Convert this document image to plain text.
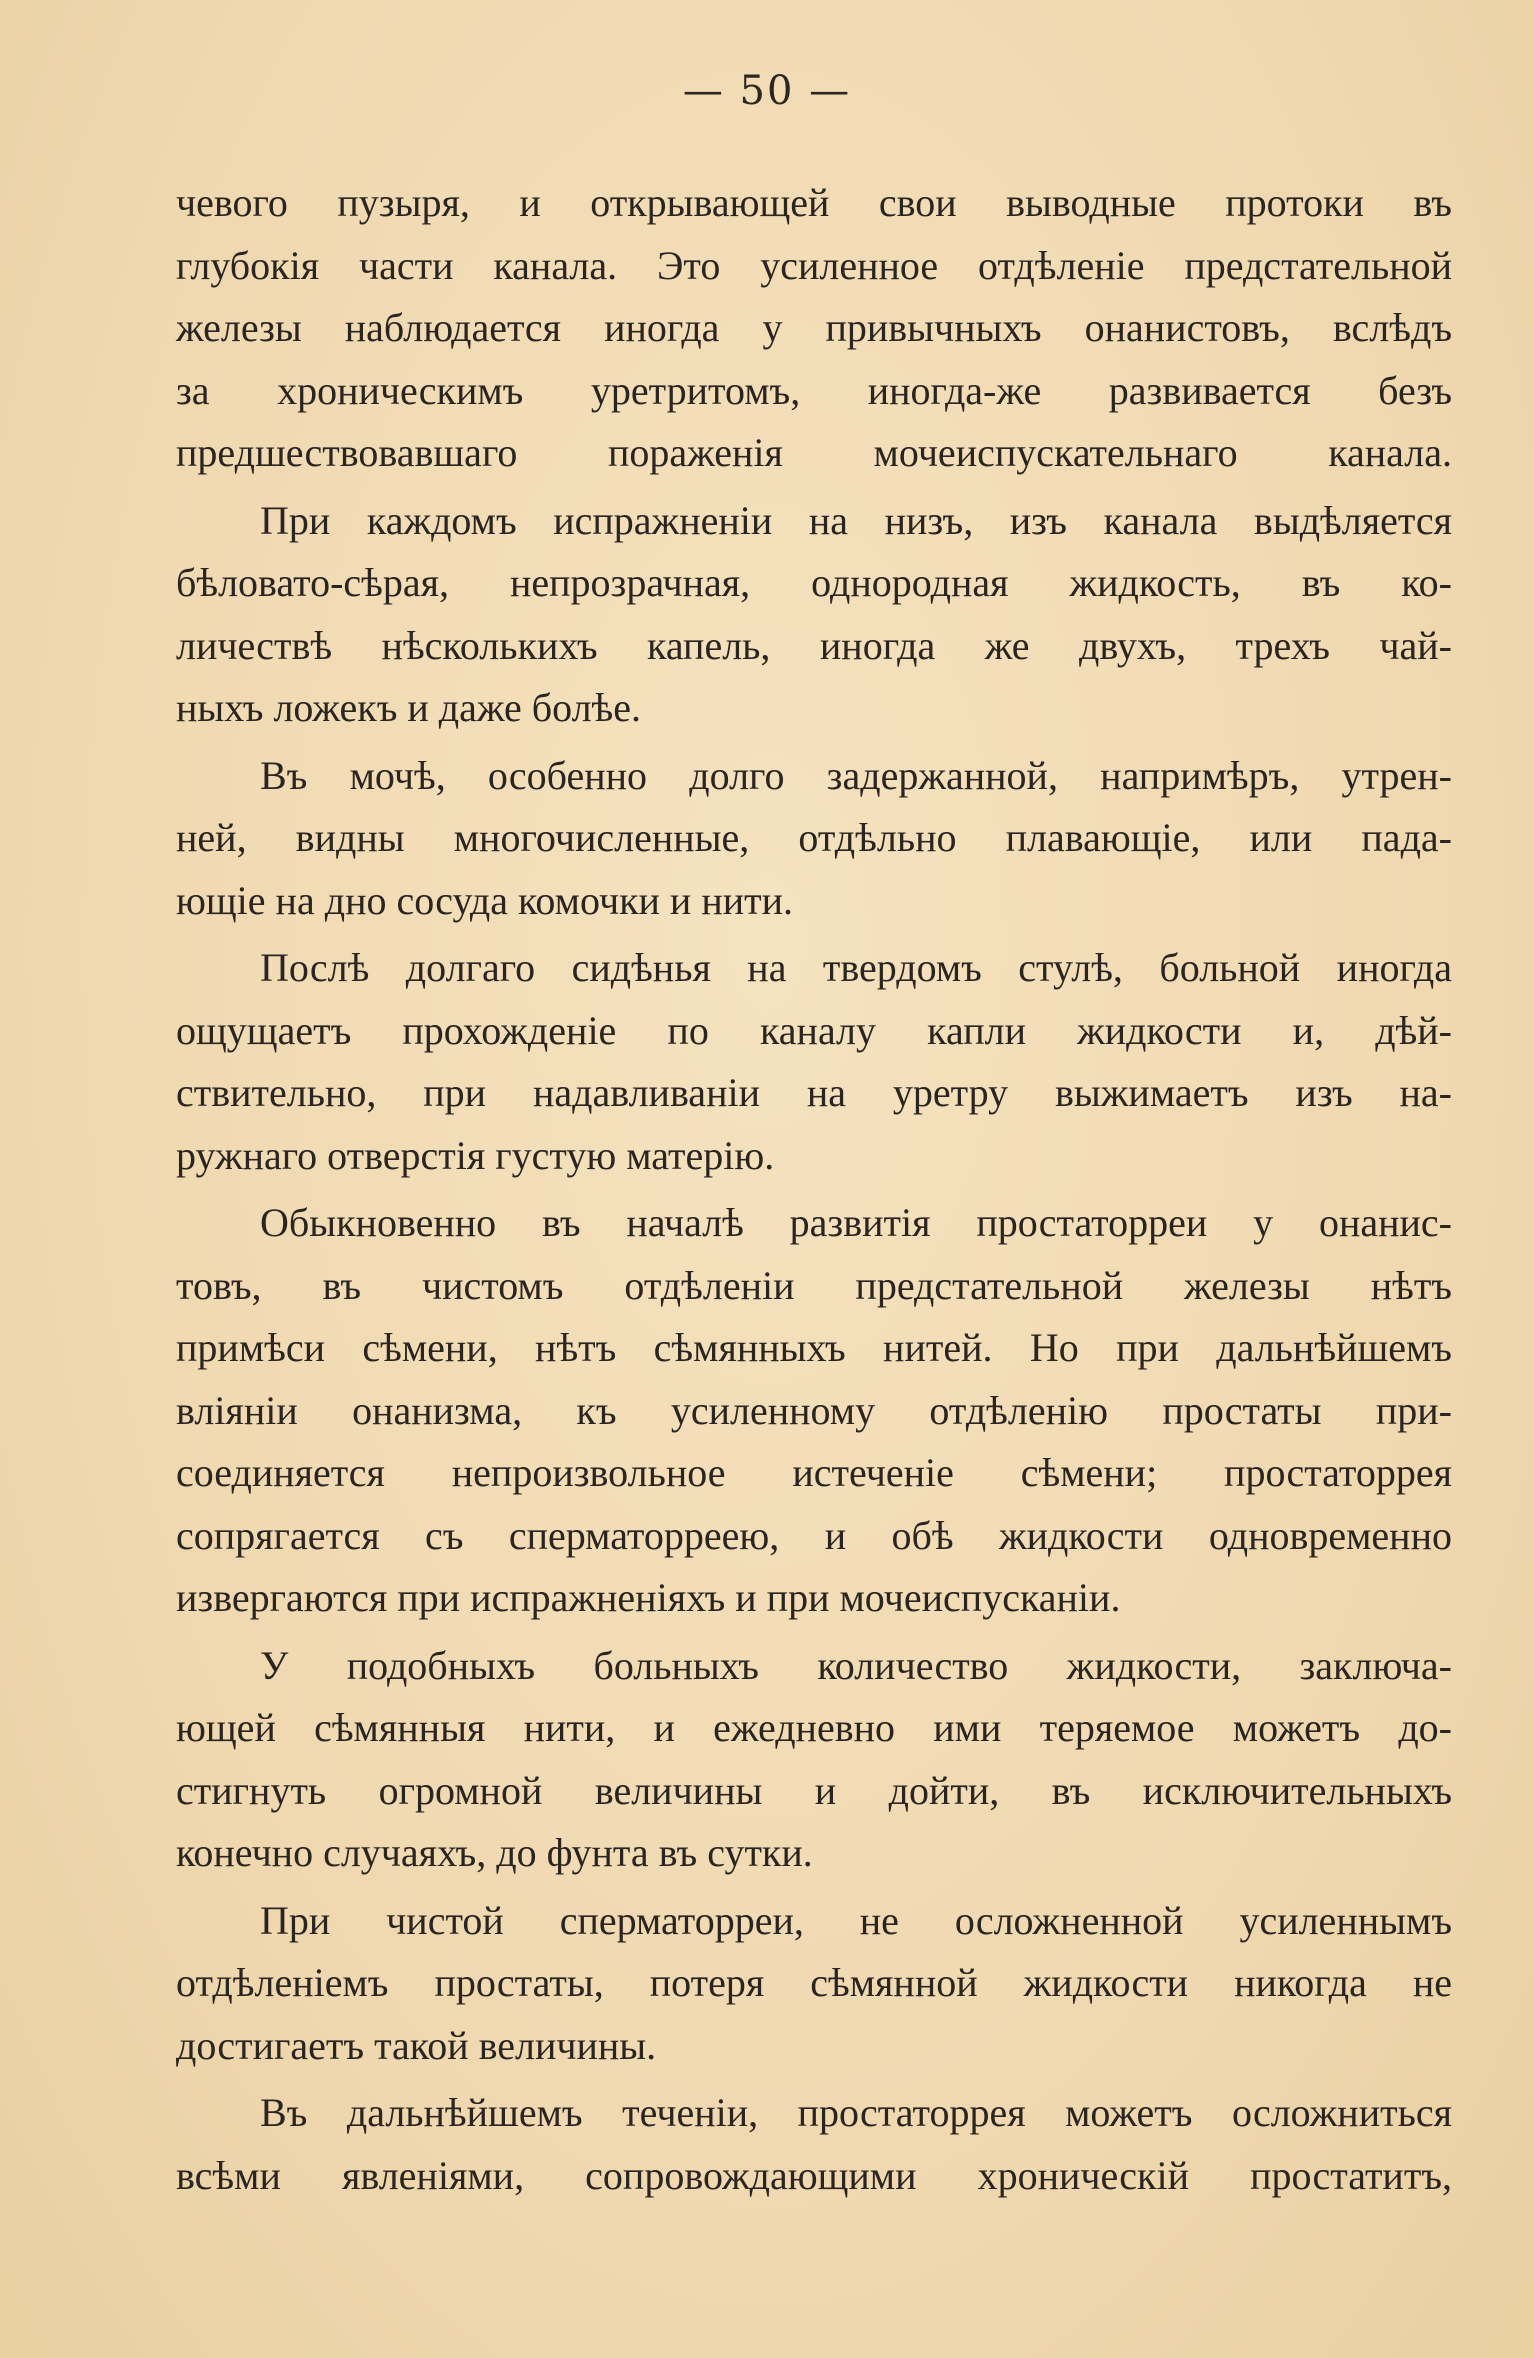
— 50 —
чевого пузыря, и открывающей свои выводные протоки въ
глубокія части канала. Это усиленное отдѣленіе предстательной
железы наблюдается иногда у привычныхъ онанистовъ, вслѣдъ
за хроническимъ уретритомъ, иногда-же развивается безъ
предшествовавшаго пораженія мочеиспускательнаго канала.
При каждомъ испражненіи на низъ, изъ канала выдѣляется
бѣловато-сѣрая, непрозрачная, однородная жидкость, въ ко-
личествѣ нѣсколькихъ капель, иногда же двухъ, трехъ чай-
ныхъ ложекъ и даже болѣе.
Въ мочѣ, особенно долго задержанной, напримѣръ, утрен-
ней, видны многочисленные, отдѣльно плавающіе, или пада-
ющіе на дно сосуда комочки и нити.
Послѣ долгаго сидѣнья на твердомъ стулѣ, больной иногда
ощущаетъ прохожденіе по каналу капли жидкости и, дѣй-
ствительно, при надавливаніи на уретру выжимаетъ изъ на-
ружнаго отверстія густую матерію.
Обыкновенно въ началѣ развитія простаторреи у онанис-
товъ, въ чистомъ отдѣленіи предстательной железы нѣтъ
примѣси сѣмени, нѣтъ сѣмянныхъ нитей. Но при дальнѣйшемъ
вліяніи онанизма, къ усиленному отдѣленію простаты при-
соединяется непроизвольное истеченіе сѣмени; простаторрея
сопрягается съ сперматорреею, и обѣ жидкости одновременно
извергаются при испражненіяхъ и при мочеиспусканіи.
У подобныхъ больныхъ количество жидкости, заключа-
ющей сѣмянныя нити, и ежедневно ими теряемое можетъ до-
стигнуть огромной величины и дойти, въ исключительныхъ
конечно случаяхъ, до фунта въ сутки.
При чистой сперматорреи, не осложненной усиленнымъ
отдѣленіемъ простаты, потеря сѣмянной жидкости никогда не
достигаетъ такой величины.
Въ дальнѣйшемъ теченіи, простаторрея можетъ осложниться
всѣми явленіями, сопровождающими хроническій простатитъ,
